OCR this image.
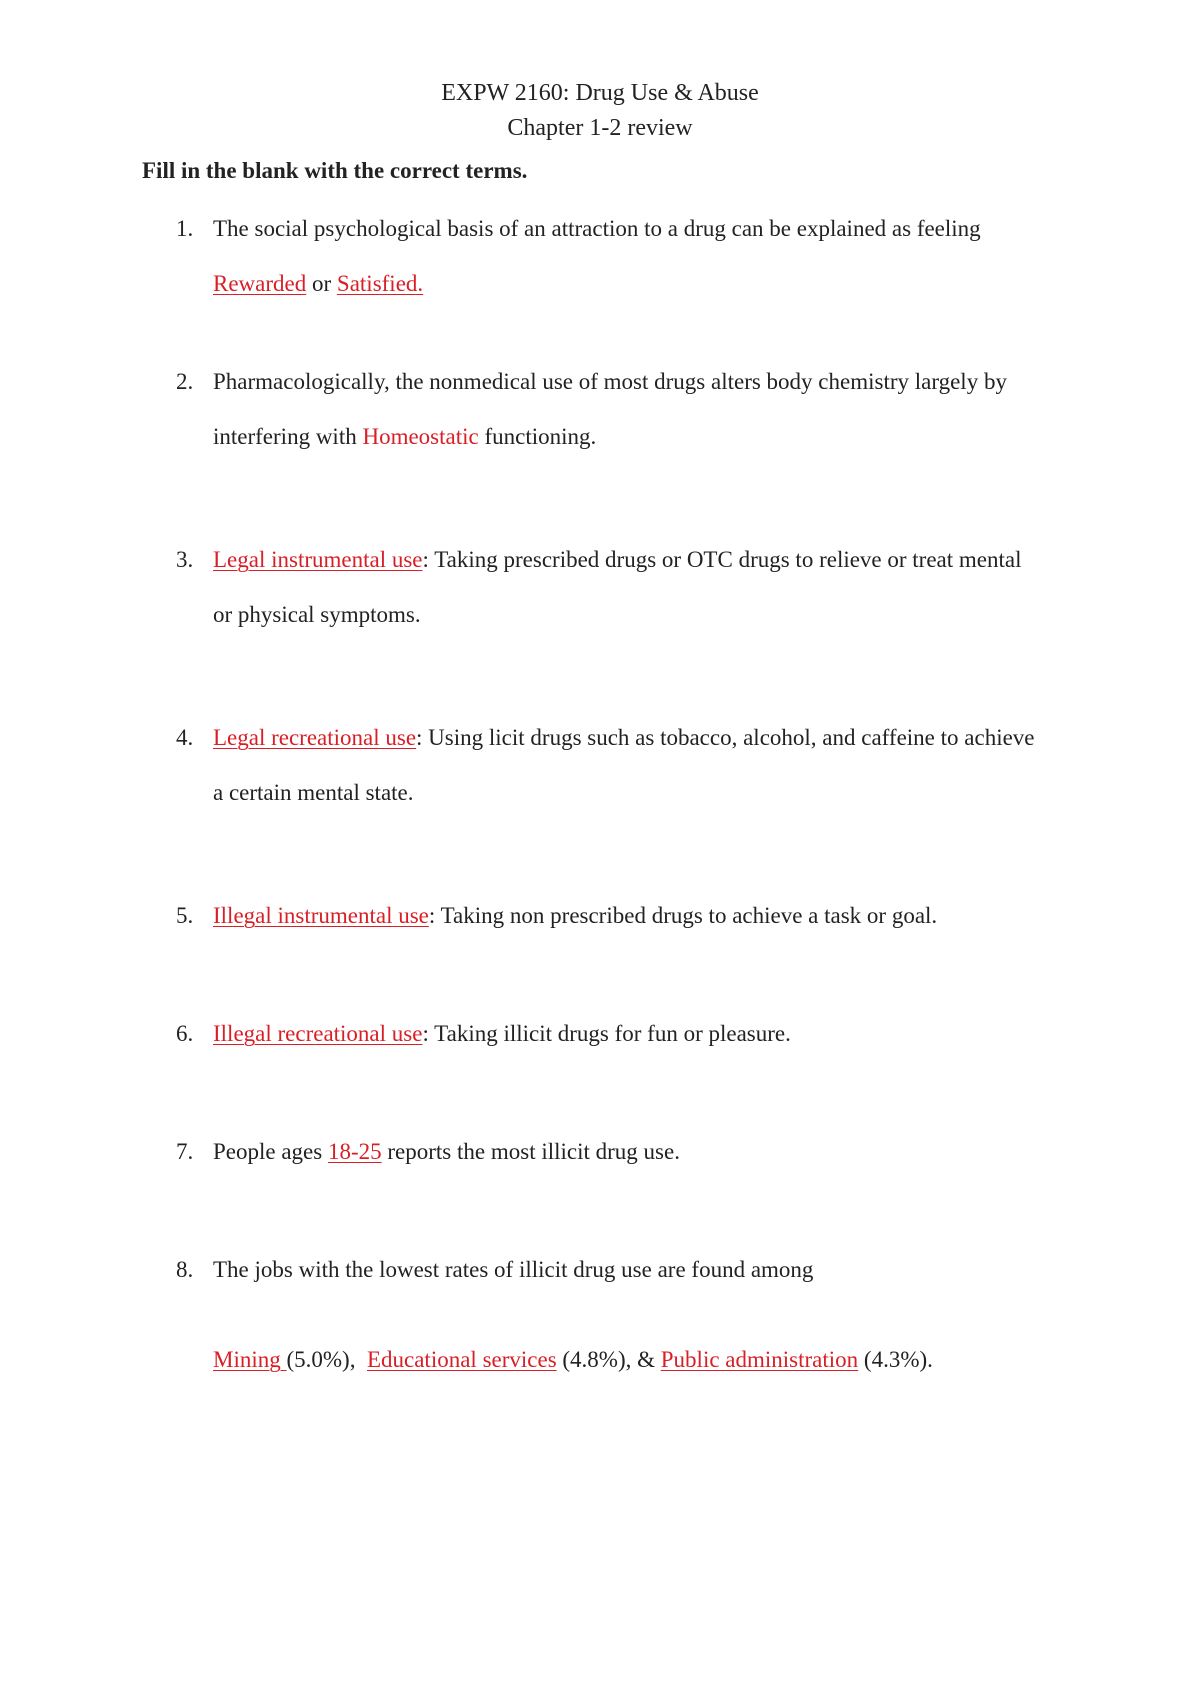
EXPW 2160: Drug Use & Abuse
Chapter 1-2 review
Fill in the blank with the correct terms.
1. The social psychological basis of an attraction to a drug can be explained as feeling
Rewarded or Satisfied.
2. Pharmacologically, the nonmedical use of most drugs alters body chemistry largely by
interfering with Homeostatic functioning.
3. Legal instrumental use: Taking prescribed drugs or OTC drugs to relieve or treat mental
or physical symptoms.
4. Legal recreational use: Using licit drugs such as tobacco, alcohol, and caffeine to achieve
a certain mental state.
5. Illegal instrumental use: Taking non prescribed drugs to achieve a task or goal.
6. Illegal recreational use: Taking illicit drugs for fun or pleasure.
7. People ages 18-25 reports the most illicit drug use.
8. The jobs with the lowest rates of illicit drug use are found among
Mining (5.0%),  Educational services (4.8%), & Public administration (4.3%).
